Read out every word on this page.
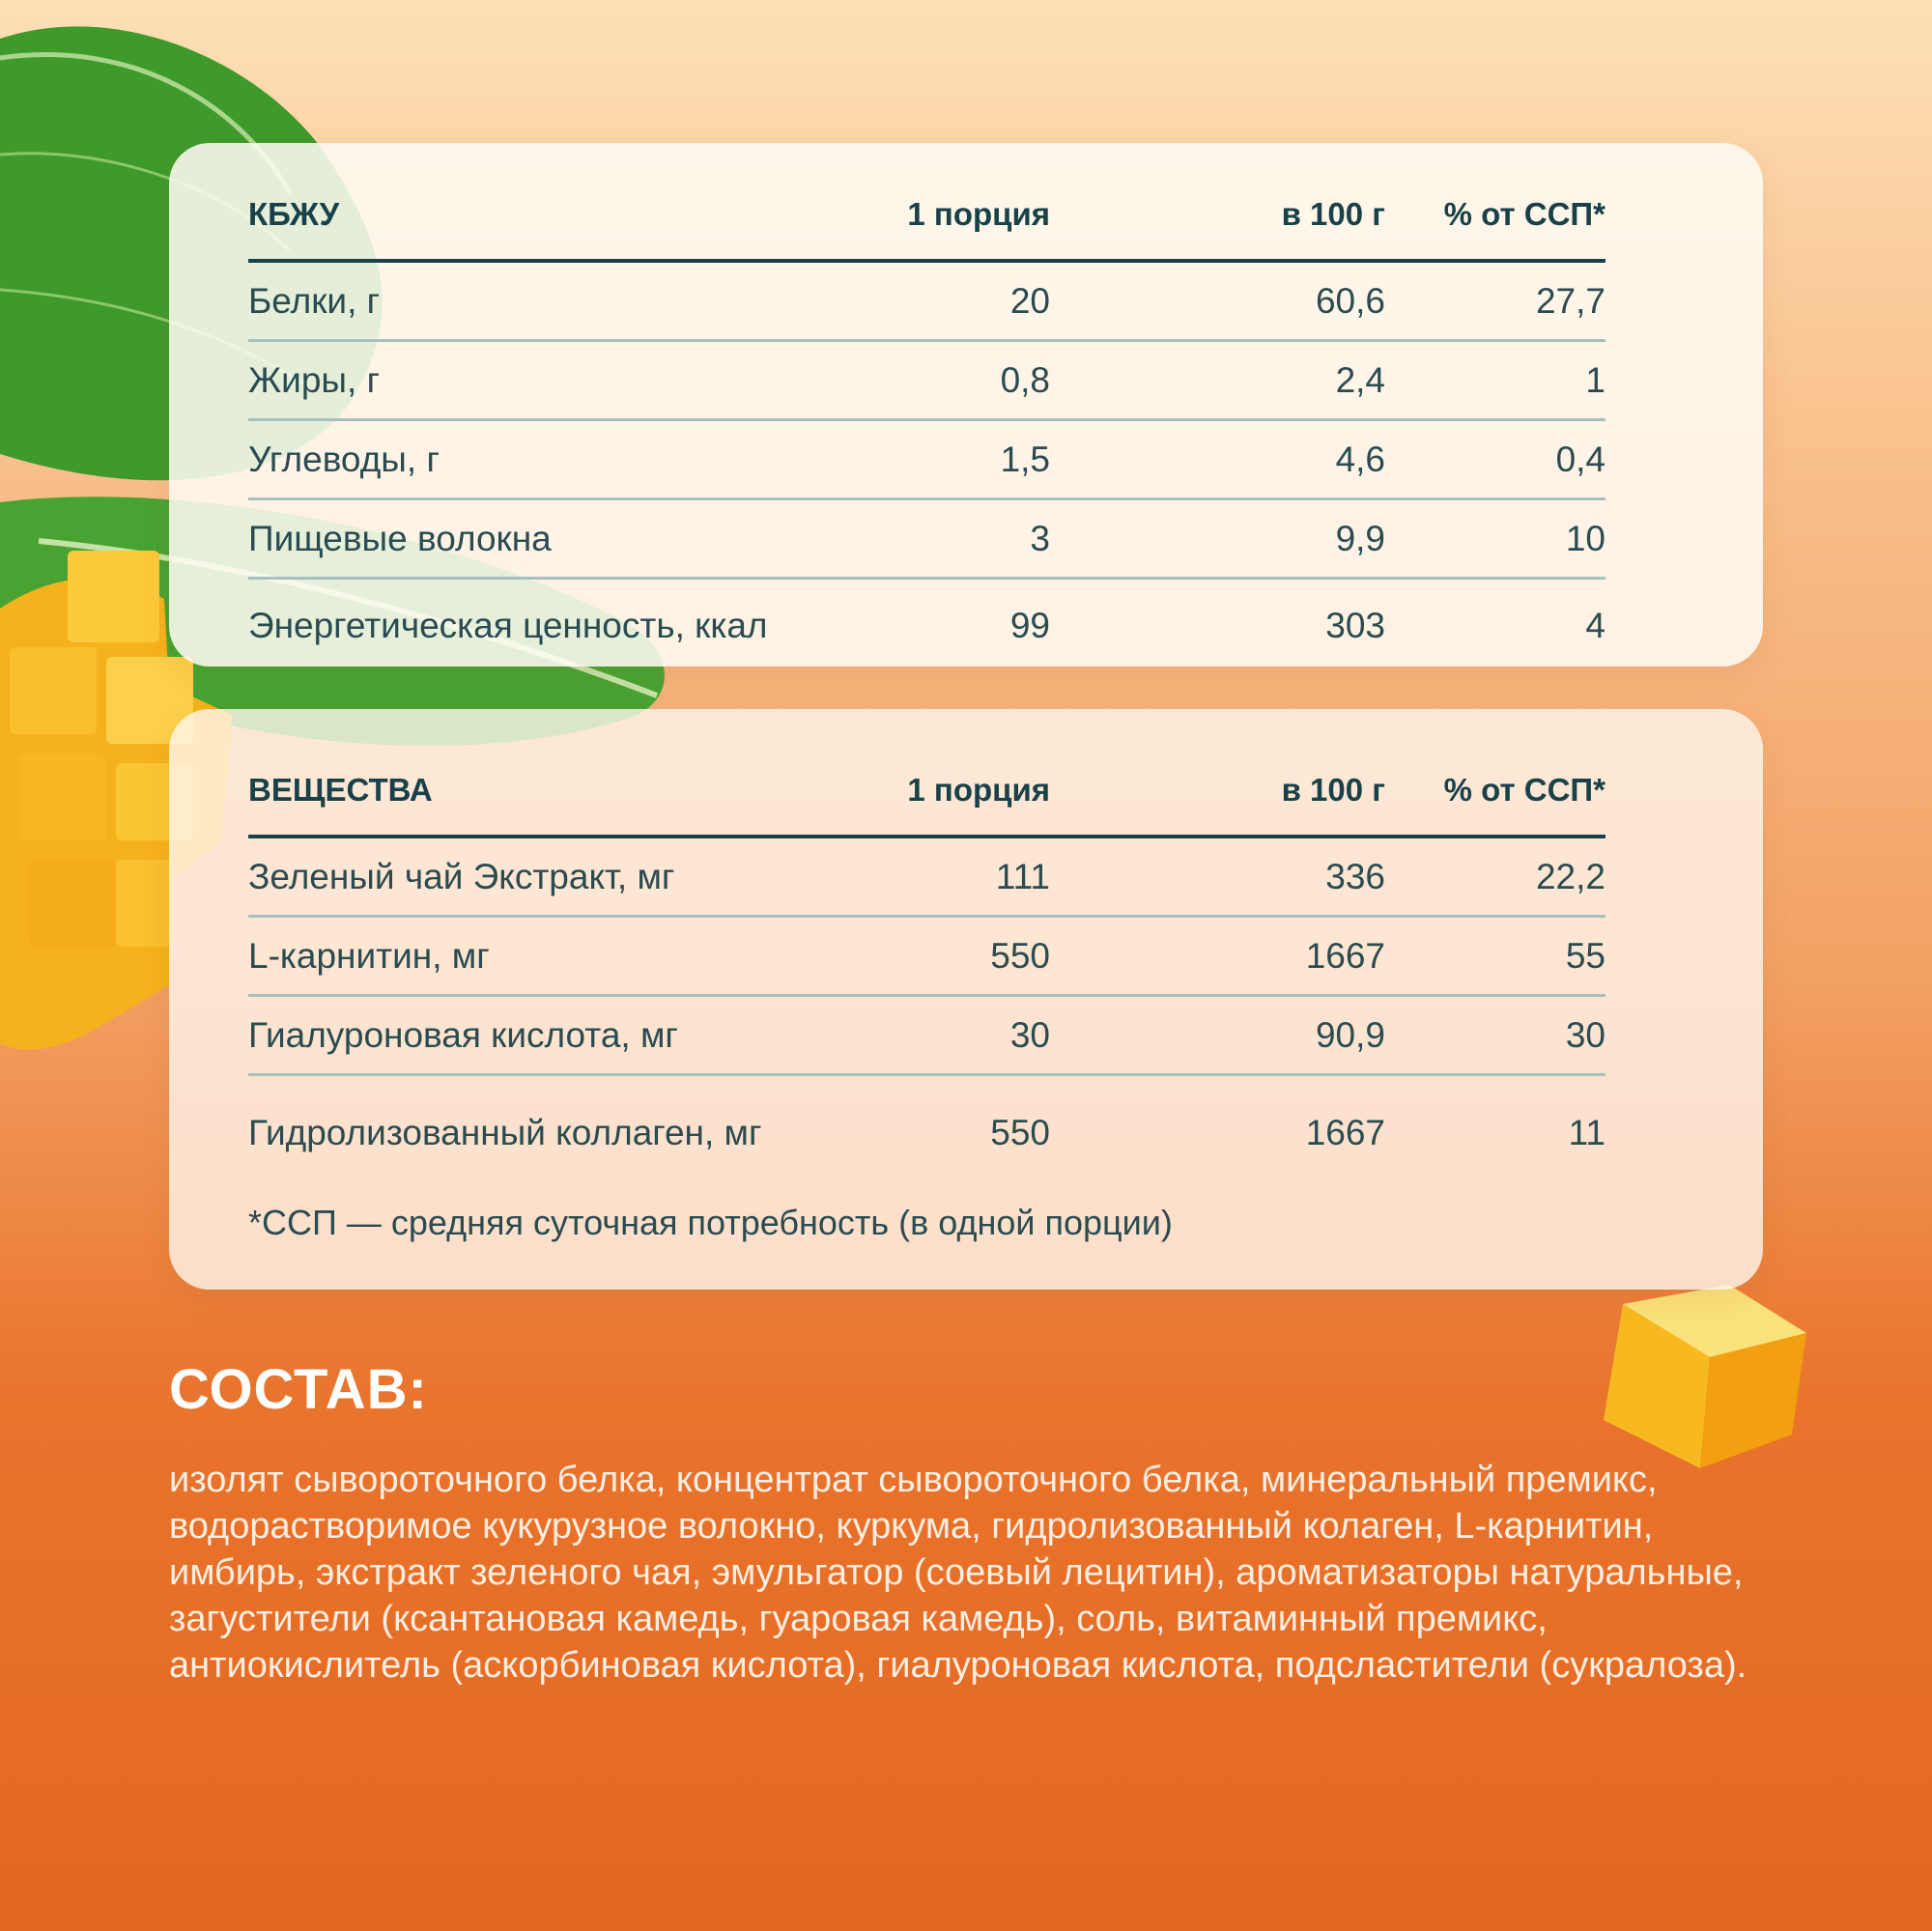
КБЖУ	1 порция	в 100 г	% от ССП*
Белки, г	20	60,6	27,7
Жиры, г	0,8	2,4	1
Углеводы, г	1,5	4,6	0,4
Пищевые волокна	3	9,9	10
Энергетическая ценность, ккал	99	303	4
ВЕЩЕСТВА	1 порция	в 100 г	% от ССП*
Зеленый чай Экстракт, мг	111	336	22,2
L-карнитин, мг	550	1667	55
Гиалуроновая кислота, мг	30	90,9	30
Гидролизованный коллаген, мг	550	1667	11
*ССП — средняя суточная потребность (в одной порции)
СОСТАВ:
изолят сывороточного белка, концентрат сывороточного белка, минеральный премикс, водорастворимое кукурузное волокно, куркума, гидролизованный колаген, L-карнитин, имбирь, экстракт зеленого чая, эмульгатор (соевый лецитин), ароматизаторы натуральные, загустители (ксантановая камедь, гуаровая камедь), соль, витаминный премикс, антиокислитель (аскорбиновая кислота), гиалуроновая кислота, подсластители (сукралоза).
